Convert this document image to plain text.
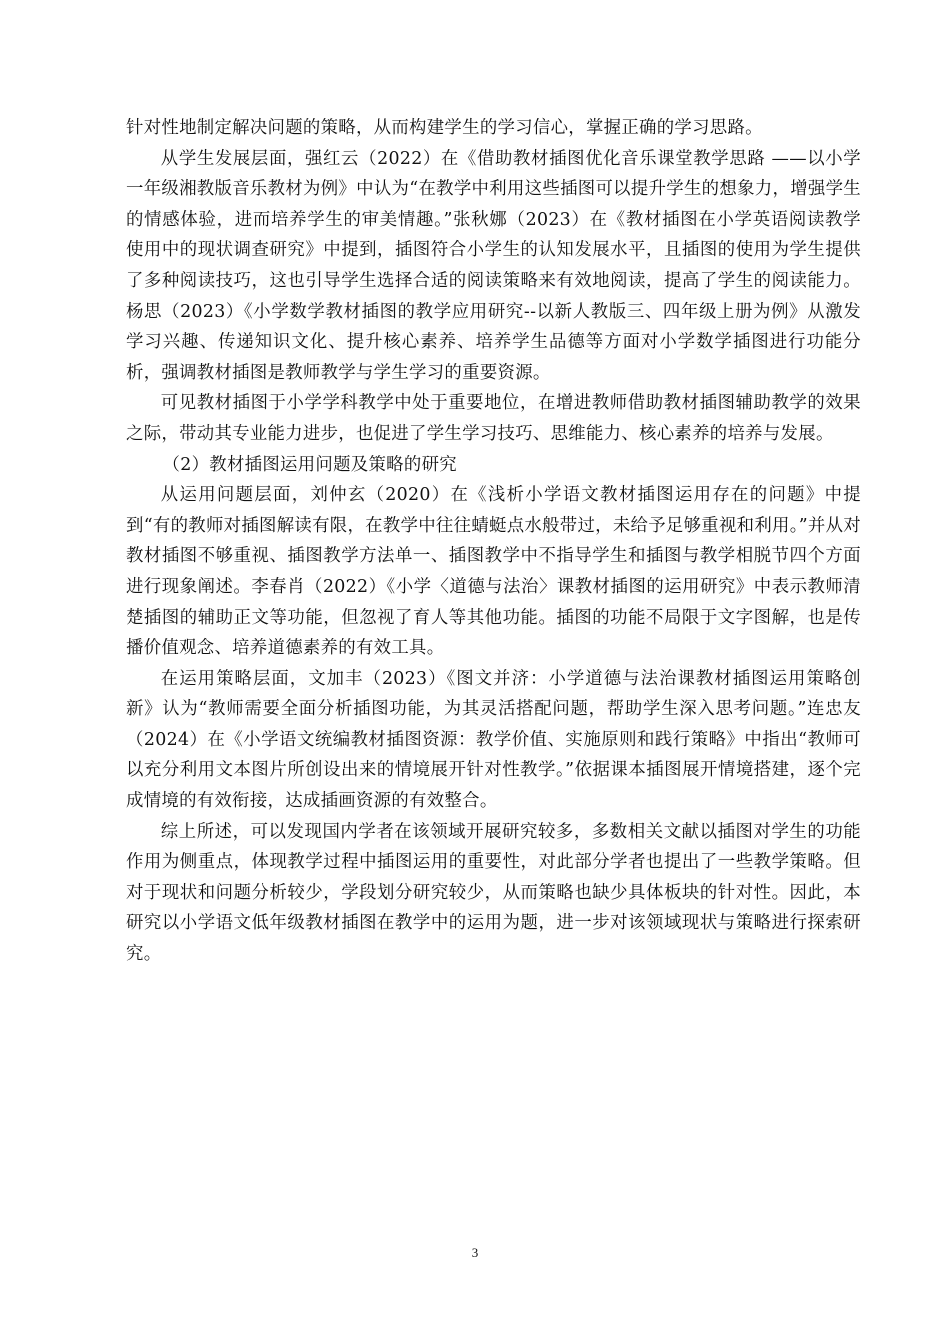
针对性地制定解决问题的策略，从而构建学生的学习信心，掌握正确的学习思路。

从学生发展层面，强红云（2022）在《借助教材插图优化音乐课堂教学思路 ——以小学一年级湘教版音乐教材为例》中认为“在教学中利用这些插图可以提升学生的想象力，增强学生的情感体验，进而培养学生的审美情趣。”张秋娜（2023）在《教材插图在小学英语阅读教学使用中的现状调查研究》中提到，插图符合小学生的认知发展水平，且插图的使用为学生提供了多种阅读技巧，这也引导学生选择合适的阅读策略来有效地阅读，提高了学生的阅读能力。杨思（2023）《小学数学教材插图的教学应用研究--以新人教版三、四年级上册为例》从激发学习兴趣、传递知识文化、提升核心素养、培养学生品德等方面对小学数学插图进行功能分析，强调教材插图是教师教学与学生学习的重要资源。

可见教材插图于小学学科教学中处于重要地位，在增进教师借助教材插图辅助教学的效果之际，带动其专业能力进步，也促进了学生学习技巧、思维能力、核心素养的培养与发展。

（2）教材插图运用问题及策略的研究

从运用问题层面，刘仲玄（2020）在《浅析小学语文教材插图运用存在的问题》中提到“有的教师对插图解读有限，在教学中往往蜻蜓点水般带过，未给予足够重视和利用。”并从对教材插图不够重视、插图教学方法单一、插图教学中不指导学生和插图与教学相脱节四个方面进行现象阐述。李春肖（2022）《小学〈道德与法治〉课教材插图的运用研究》中表示教师清楚插图的辅助正文等功能，但忽视了育人等其他功能。插图的功能不局限于文字图解，也是传播价值观念、培养道德素养的有效工具。

在运用策略层面，文加丰（2023）《图文并济：小学道德与法治课教材插图运用策略创新》认为“教师需要全面分析插图功能，为其灵活搭配问题，帮助学生深入思考问题。”连忠友（2024）在《小学语文统编教材插图资源：教学价值、实施原则和践行策略》中指出“教师可以充分利用文本图片所创设出来的情境展开针对性教学。”依据课本插图展开情境搭建，逐个完成情境的有效衔接，达成插画资源的有效整合。

综上所述，可以发现国内学者在该领域开展研究较多，多数相关文献以插图对学生的功能作用为侧重点，体现教学过程中插图运用的重要性，对此部分学者也提出了一些教学策略。但对于现状和问题分析较少，学段划分研究较少，从而策略也缺少具体板块的针对性。因此，本研究以小学语文低年级教材插图在教学中的运用为题，进一步对该领域现状与策略进行探索研究。

3
